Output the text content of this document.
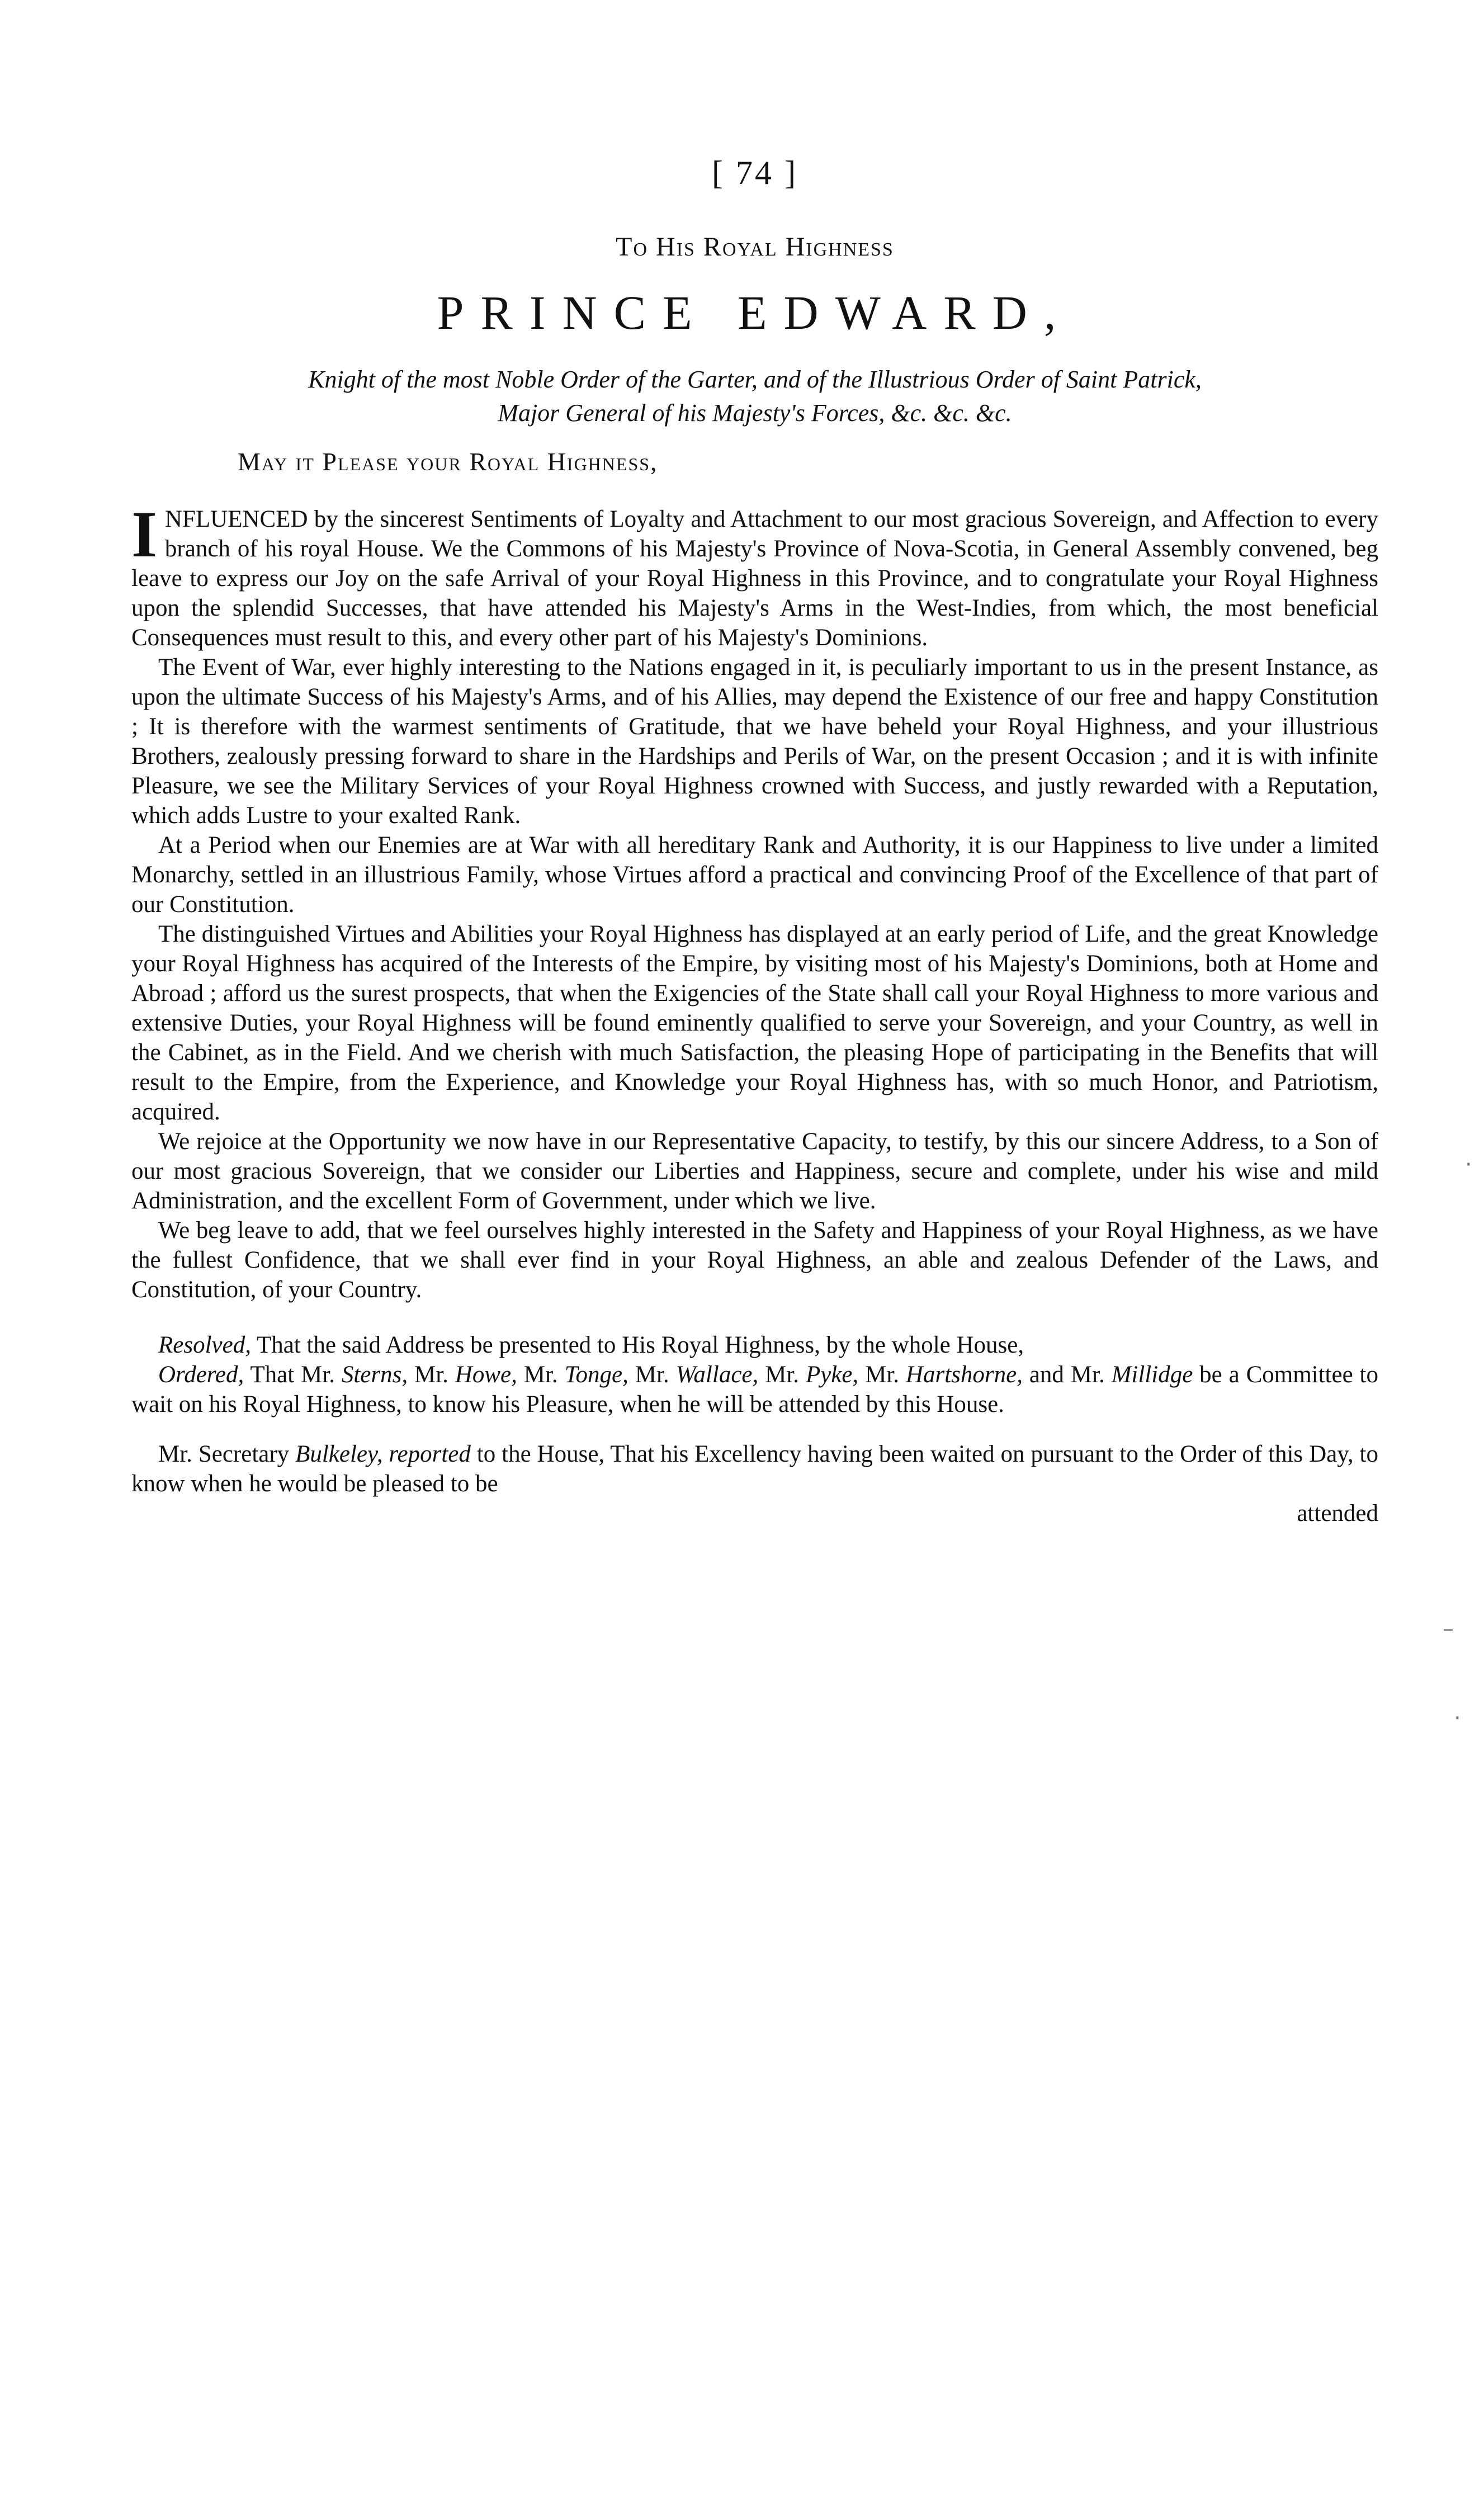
[ 74 ]
To His Royal Highness
PRINCE EDWARD,
Knight of the most Noble Order of the Garter, and of the Illustrious Order of Saint Patrick,
Major General of his Majesty's Forces, &c. &c. &c.
May it Please your Royal Highness,

INFLUENCED by the sincerest Sentiments of Loyalty and Attachment to our most gracious Sovereign, and Affection to every branch of his royal House. We the Commons of his Majesty's Province of Nova-Scotia, in General Assembly convened, beg leave to express our Joy on the safe Arrival of your Royal Highness in this Province, and to congratulate your Royal Highness upon the splendid Successes, that have attended his Majesty's Arms in the West-Indies, from which, the most beneficial Consequences must result to this, and every other part of his Majesty's Dominions.

The Event of War, ever highly interesting to the Nations engaged in it, is peculiarly important to us in the present Instance, as upon the ultimate Success of his Majesty's Arms, and of his Allies, may depend the Existence of our free and happy Constitution ; It is therefore with the warmest sentiments of Gratitude, that we have beheld your Royal Highness, and your illustrious Brothers, zealously pressing forward to share in the Hardships and Perils of War, on the present Occasion ; and it is with infinite Pleasure, we see the Military Services of your Royal Highness crowned with Success, and justly rewarded with a Reputation, which adds Lustre to your exalted Rank.

At a Period when our Enemies are at War with all hereditary Rank and Authority, it is our Happiness to live under a limited Monarchy, settled in an illustrious Family, whose Virtues afford a practical and convincing Proof of the Excellence of that part of our Constitution.

The distinguished Virtues and Abilities your Royal Highness has displayed at an early period of Life, and the great Knowledge your Royal Highness has acquired of the Interests of the Empire, by visiting most of his Majesty's Dominions, both at Home and Abroad ; afford us the surest prospects, that when the Exigencies of the State shall call your Royal Highness to more various and extensive Duties, your Royal Highness will be found eminently qualified to serve your Sovereign, and your Country, as well in the Cabinet, as in the Field. And we cherish with much Satisfaction, the pleasing Hope of participating in the Benefits that will result to the Empire, from the Experience, and Knowledge your Royal Highness has, with so much Honor, and Patriotism, acquired.

We rejoice at the Opportunity we now have in our Representative Capacity, to testify, by this our sincere Address, to a Son of our most gracious Sovereign, that we consider our Liberties and Happiness, secure and complete, under his wise and mild Administration, and the excellent Form of Government, under which we live.

We beg leave to add, that we feel ourselves highly interested in the Safety and Happiness of your Royal Highness, as we have the fullest Confidence, that we shall ever find in your Royal Highness, an able and zealous Defender of the Laws, and Constitution, of your Country.

Resolved, That the said Address be presented to His Royal Highness, by the whole House,

Ordered, That Mr. Sterns, Mr. Howe, Mr. Tonge, Mr. Wallace, Mr. Pyke, Mr. Hartshorne, and Mr. Millidge be a Committee to wait on his Royal Highness, to know his Pleasure, when he will be attended by this House.

Mr. Secretary Bulkeley, reported to the House, That his Excellency having been waited on pursuant to the Order of this Day, to know when he would be pleased to be

attended

·
–
·
